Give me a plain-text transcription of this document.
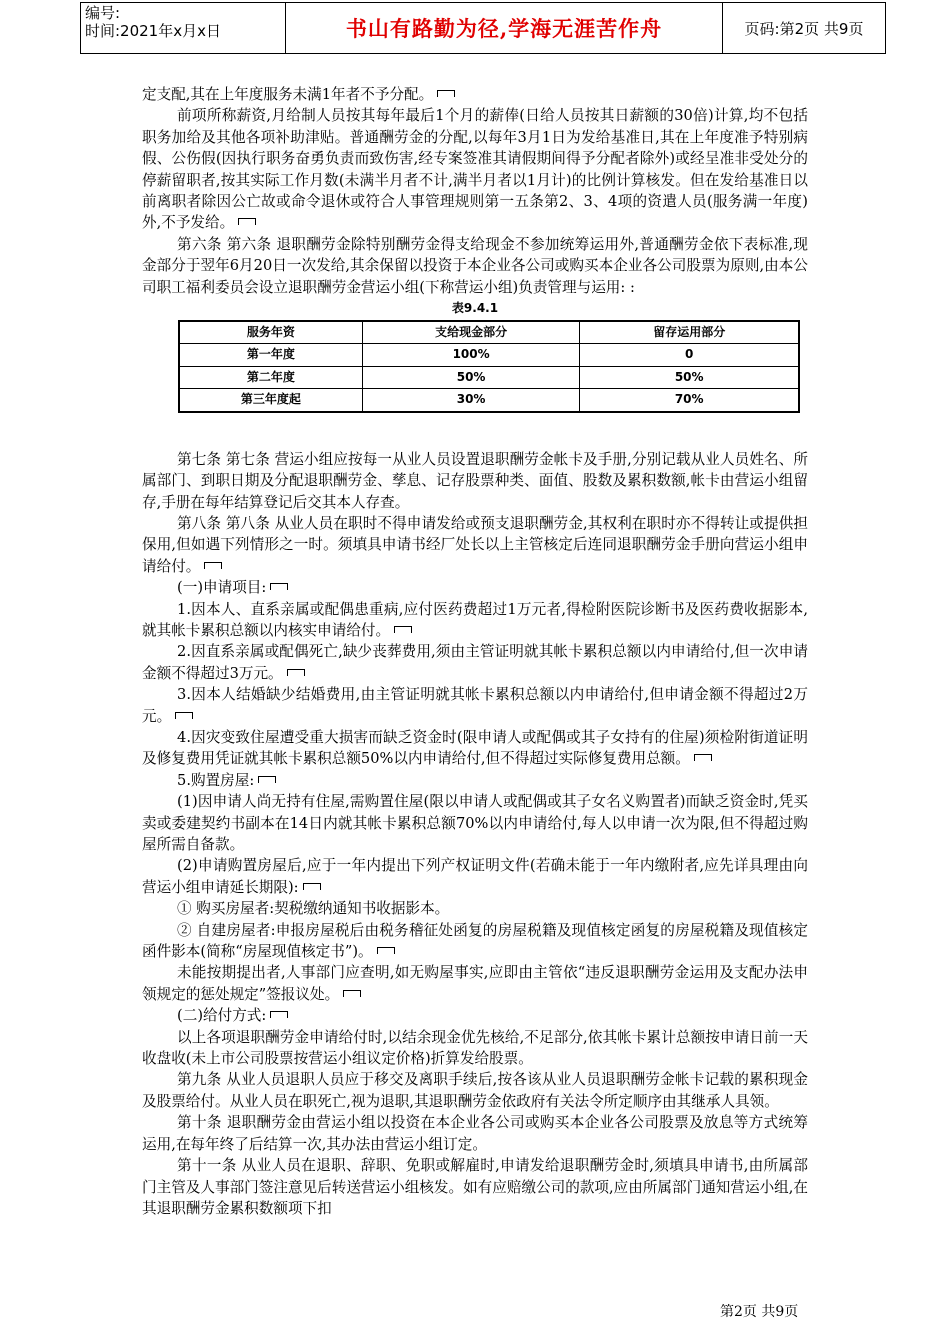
编号:
时间:2021年x月x日	书山有路勤为径,学海无涯苦作舟	页码:第2页 共9页

定支配,其在上年度服务未满1年者不予分配。

前项所称薪资,月给制人员按其每年最后1个月的薪俸(日给人员按其日薪额的30倍)计算,均不包括职务加给及其他各项补助津贴。普通酬劳金的分配,以每年3月1日为发给基准日,其在上年度准予特别病假、公伤假(因执行职务奋勇负责而致伤害,经专案签准其请假期间得予分配者除外)或经呈准非受处分的停薪留职者,按其实际工作月数(未满半月者不计,满半月者以1月计)的比例计算核发。但在发给基准日以前离职者除因公亡故或命令退休或符合人事管理规则第一五条第2、3、4项的资遣人员(服务满一年度)外,不予发给。

第六条 第六条 退职酬劳金除特别酬劳金得支给现金不参加统筹运用外,普通酬劳金依下表标准,现金部分于翌年6月20日一次发给,其余保留以投资于本企业各公司或购买本企业各公司股票为原则,由本公司职工福利委员会设立退职酬劳金营运小组(下称营运小组)负责管理与运用: :

表9.4.1
服务年资	支给现金部分	留存运用部分
第一年度	100%	0
第二年度	50%	50%
第三年度起	30%	70%

第七条 第七条 营运小组应按每一从业人员设置退职酬劳金帐卡及手册,分别记载从业人员姓名、所属部门、到职日期及分配退职酬劳金、孳息、记存股票种类、面值、股数及累积数额,帐卡由营运小组留存,手册在每年结算登记后交其本人存查。

第八条 第八条 从业人员在职时不得申请发给或预支退职酬劳金,其权利在职时亦不得转让或提供担保用,但如遇下列情形之一时。须填具申请书经厂处长以上主管核定后连同退职酬劳金手册向营运小组申请给付。

(一)申请项目:

1.因本人、直系亲属或配偶患重病,应付医药费超过1万元者,得检附医院诊断书及医药费收据影本,就其帐卡累积总额以内核实申请给付。

2.因直系亲属或配偶死亡,缺少丧葬费用,须由主管证明就其帐卡累积总额以内申请给付,但一次申请金额不得超过3万元。

3.因本人结婚缺少结婚费用,由主管证明就其帐卡累积总额以内申请给付,但申请金额不得超过2万元。

4.因灾变致住屋遭受重大损害而缺乏资金时(限申请人或配偶或其子女持有的住屋)须检附街道证明及修复费用凭证就其帐卡累积总额50%以内申请给付,但不得超过实际修复费用总额。

5.购置房屋:

(1)因申请人尚无持有住屋,需购置住屋(限以申请人或配偶或其子女名义购置者)而缺乏资金时,凭买卖或委建契约书副本在14日内就其帐卡累积总额70%以内申请给付,每人以申请一次为限,但不得超过购屋所需自备款。

(2)申请购置房屋后,应于一年内提出下列产权证明文件(若确未能于一年内缴附者,应先详具理由向营运小组申请延长期限):

① 购买房屋者:契税缴纳通知书收据影本。

② 自建房屋者:申报房屋税后由税务稽征处函复的房屋税籍及现值核定函复的房屋税籍及现值核定函件影本(简称“房屋现值核定书”)。

未能按期提出者,人事部门应查明,如无购屋事实,应即由主管依“违反退职酬劳金运用及支配办法申领规定的惩处规定”签报议处。

(二)给付方式:

以上各项退职酬劳金申请给付时,以结余现金优先核给,不足部分,依其帐卡累计总额按申请日前一天收盘收(未上市公司股票按营运小组议定价格)折算发给股票。

第九条 从业人员退职人员应于移交及离职手续后,按各该从业人员退职酬劳金帐卡记载的累积现金及股票给付。从业人员在职死亡,视为退职,其退职酬劳金依政府有关法令所定顺序由其继承人具领。

第十条 退职酬劳金由营运小组以投资在本企业各公司或购买本企业各公司股票及放息等方式统筹运用,在每年终了后结算一次,其办法由营运小组订定。

第十一条 从业人员在退职、辞职、免职或解雇时,申请发给退职酬劳金时,须填具申请书,由所属部门主管及人事部门签注意见后转送营运小组核发。如有应赔缴公司的款项,应由所属部门通知营运小组,在其退职酬劳金累积数额项下扣

第2页 共9页
